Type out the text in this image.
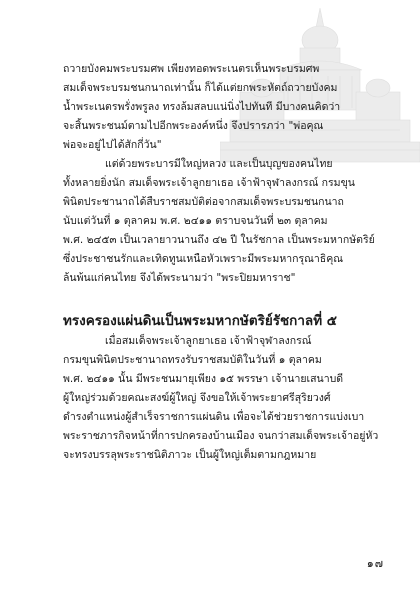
ถวายบังคมพระบรมศพ เพียงทอดพระเนตรเห็นพระบรมศพ
สมเด็จพระบรมชนกนาถเท่านั้น ก็ได้แต่ยกพระหัตถ์ถวายบังคม
น้ำพระเนตรพรั่งพรูลง ทรงล้มสลบแน่นิ่งไปทันที มีบางคนคิดว่า
จะสิ้นพระชนม์ตามไปอีกพระองค์หนึ่ง จึงปรารภว่า "พ่อคุณ
พ่อจะอยู่ไปได้สักกี่วัน"
แต่ด้วยพระบารมีใหญ่หลวง และเป็นบุญของคนไทย
ทั้งหลายยิ่งนัก สมเด็จพระเจ้าลูกยาเธอ เจ้าฟ้าจุฬาลงกรณ์ กรมขุน
พินิตประชานาถได้สืบราชสมบัติต่อจากสมเด็จพระบรมชนกนาถ
นับแต่วันที่ ๑ ตุลาคม พ.ศ. ๒๔๑๑ ตราบจนวันที่ ๒๓ ตุลาคม
พ.ศ. ๒๔๕๓ เป็นเวลายาวนานถึง ๔๒ ปี ในรัชกาล เป็นพระมหากษัตริย์
ซึ่งประชาชนรักและเทิดทูนเหนือหัวเพราะมีพระมหากรุณาธิคุณ
ล้นพ้นแก่คนไทย จึงได้พระนามว่า "พระปิยมหาราช"
ทรงครองแผ่นดินเป็นพระมหากษัตริย์รัชกาลที่ ๕
เมื่อสมเด็จพระเจ้าลูกยาเธอ เจ้าฟ้าจุฬาลงกรณ์
กรมขุนพินิตประชานาถทรงรับราชสมบัติในวันที่ ๑ ตุลาคม
พ.ศ. ๒๔๑๑ นั้น มีพระชนมายุเพียง ๑๕ พรรษา เจ้านายเสนาบดี
ผู้ใหญ่ร่วมด้วยคณะสงฆ์ผู้ใหญ่ จึงขอให้เจ้าพระยาศรีสุริยวงศ์
ดำรงตำแหน่งผู้สำเร็จราชการแผ่นดิน เพื่อจะได้ช่วยราชการแบ่งเบา
พระราชภารกิจหน้าที่การปกครองบ้านเมือง จนกว่าสมเด็จพระเจ้าอยู่หัว
จะทรงบรรลุพระราชนิติภาวะ เป็นผู้ใหญ่เต็มตามกฎหมาย
๑๗
